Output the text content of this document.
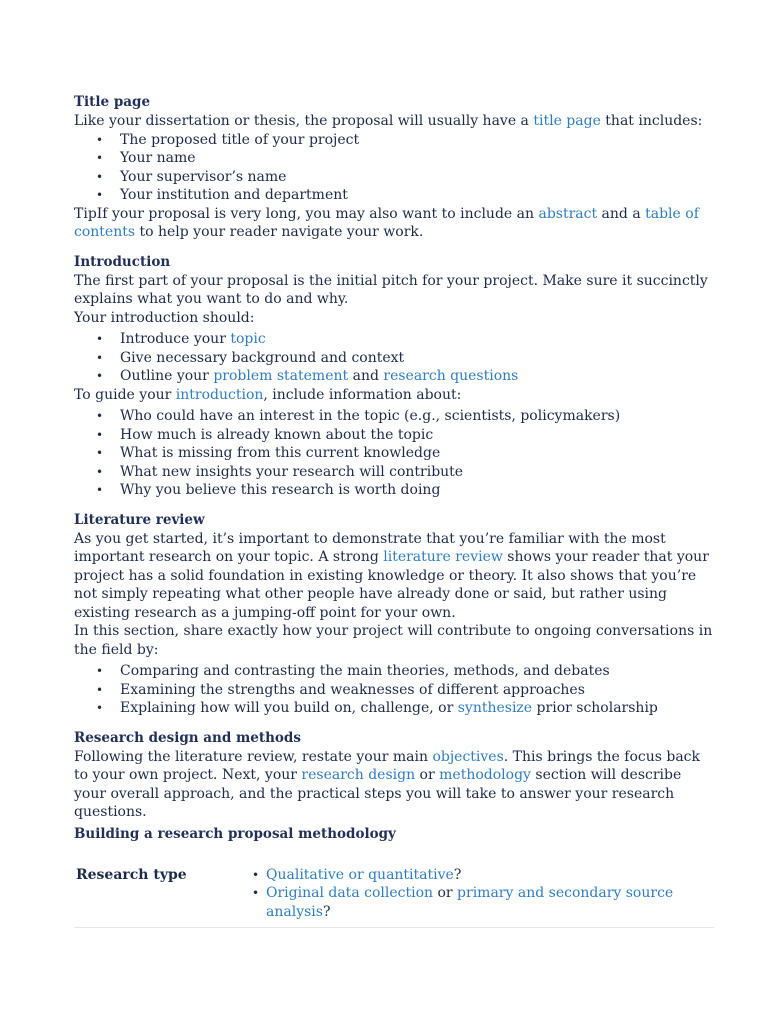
Title page

Like your dissertation or thesis, the proposal will usually have a title page that includes:

• The proposed title of your project
• Your name
• Your supervisor’s name
• Your institution and department

TipIf your proposal is very long, you may also want to include an abstract and a table of contents to help your reader navigate your work.

Introduction

The first part of your proposal is the initial pitch for your project. Make sure it succinctly explains what you want to do and why.

Your introduction should:

• Introduce your topic
• Give necessary background and context
• Outline your problem statement and research questions

To guide your introduction, include information about:

• Who could have an interest in the topic (e.g., scientists, policymakers)
• How much is already known about the topic
• What is missing from this current knowledge
• What new insights your research will contribute
• Why you believe this research is worth doing
Literature review

As you get started, it’s important to demonstrate that you’re familiar with the most important research on your topic. A strong literature review shows your reader that your project has a solid foundation in existing knowledge or theory. It also shows that you’re not simply repeating what other people have already done or said, but rather using existing research as a jumping-off point for your own.

In this section, share exactly how your project will contribute to ongoing conversations in the field by:

• Comparing and contrasting the main theories, methods, and debates
• Examining the strengths and weaknesses of different approaches
• Explaining how will you build on, challenge, or synthesize prior scholarship
Research design and methods

Following the literature review, restate your main objectives. This brings the focus back to your own project. Next, your research design or methodology section will describe your overall approach, and the practical steps you will take to answer your research questions.

Building a research proposal methodology
Research type	
•Qualitative or quantitative?
• Original data collection or primary and secondary source analysis?
